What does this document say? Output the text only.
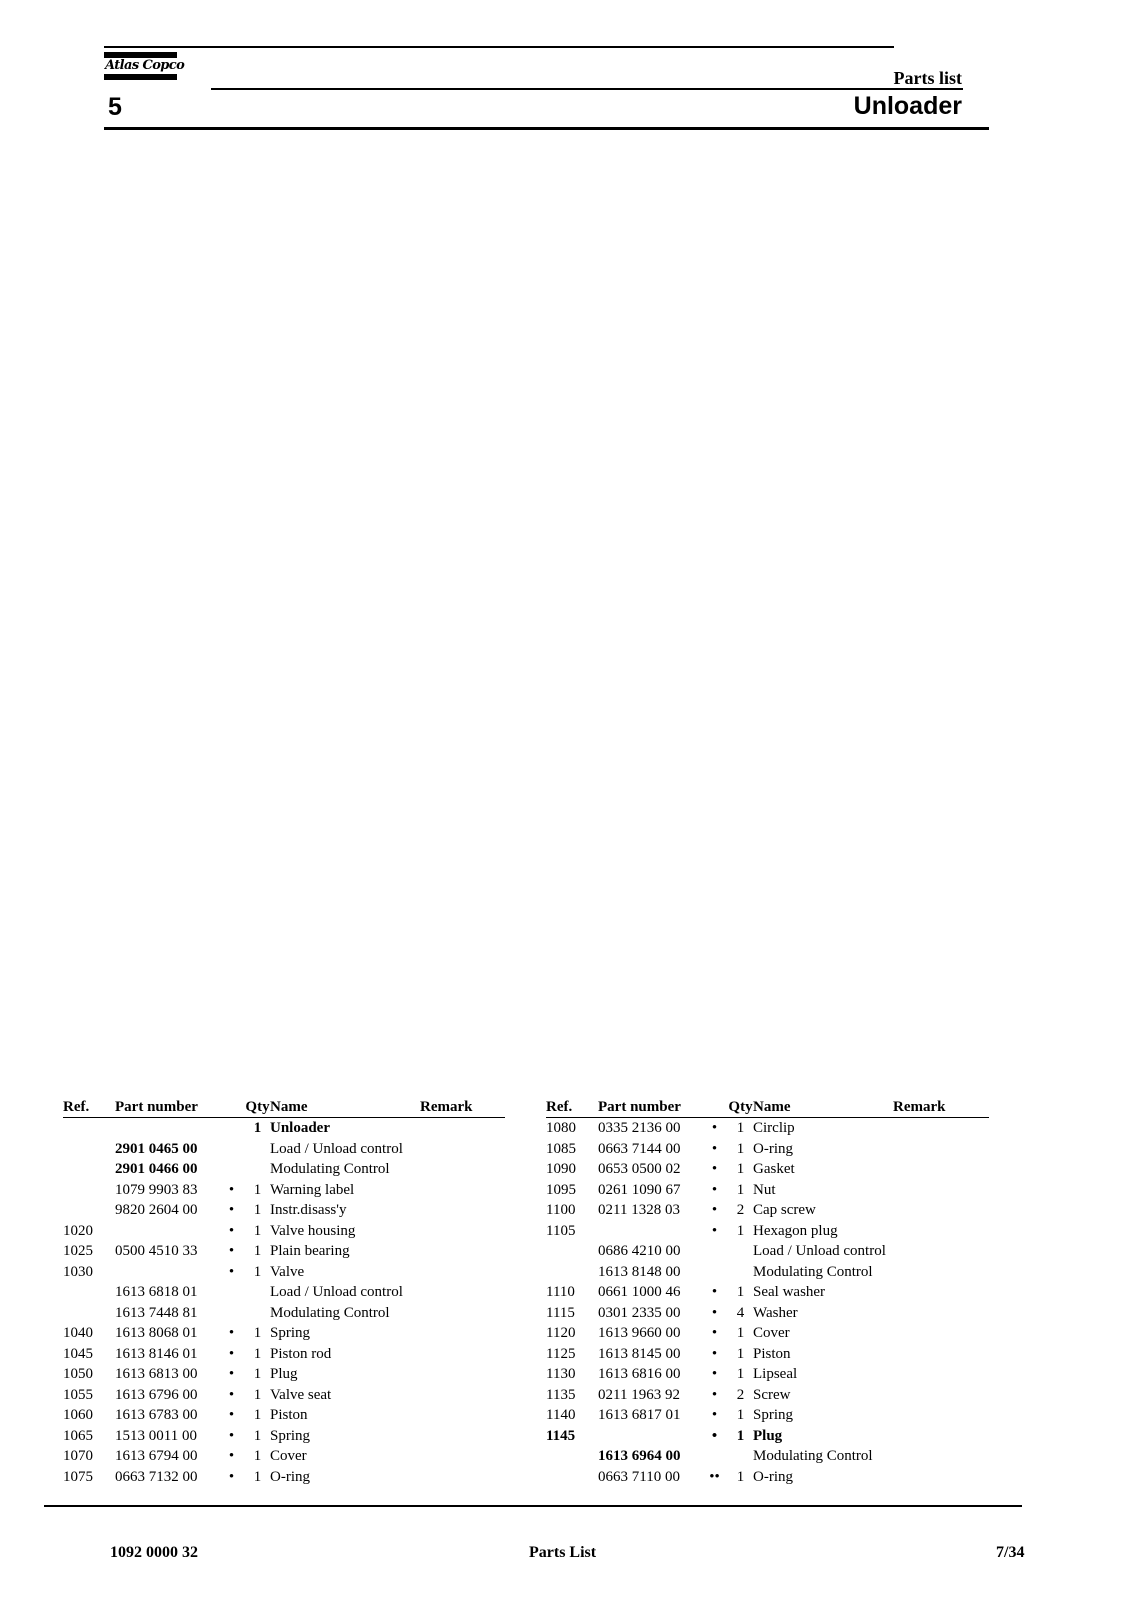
Atlas Copco
5
Parts list
Unloader
Ref.	Part number		Qty	Name	Remark
			1	Unloader	
	2901 0465 00			Load / Unload control	
	2901 0466 00			Modulating Control	
	1079 9903 83	•	1	Warning label	
	9820 2604 00	•	1	Instr.disass'y	
1020		•	1	Valve housing	
1025	0500 4510 33	•	1	Plain bearing	
1030		•	1	Valve	
	1613 6818 01			Load / Unload control	
	1613 7448 81			Modulating Control	
1040	1613 8068 01	•	1	Spring	
1045	1613 8146 01	•	1	Piston rod	
1050	1613 6813 00	•	1	Plug	
1055	1613 6796 00	•	1	Valve seat	
1060	1613 6783 00	•	1	Piston	
1065	1513 0011 00	•	1	Spring	
1070	1613 6794 00	•	1	Cover	
1075	0663 7132 00	•	1	O-ring	
Ref.	Part number		Qty	Name	Remark
1080	0335 2136 00	•	1	Circlip	
1085	0663 7144 00	•	1	O-ring	
1090	0653 0500 02	•	1	Gasket	
1095	0261 1090 67	•	1	Nut	
1100	0211 1328 03	•	2	Cap screw	
1105		•	1	Hexagon plug	
	0686 4210 00			Load / Unload control	
	1613 8148 00			Modulating Control	
1110	0661 1000 46	•	1	Seal washer	
1115	0301 2335 00	•	4	Washer	
1120	1613 9660 00	•	1	Cover	
1125	1613 8145 00	•	1	Piston	
1130	1613 6816 00	•	1	Lipseal	
1135	0211 1963 92	•	2	Screw	
1140	1613 6817 01	•	1	Spring	
1145		•	1	Plug	
	1613 6964 00			Modulating Control	
	0663 7110 00	••	1	O-ring	
1092 0000 32	Parts List	7/34
